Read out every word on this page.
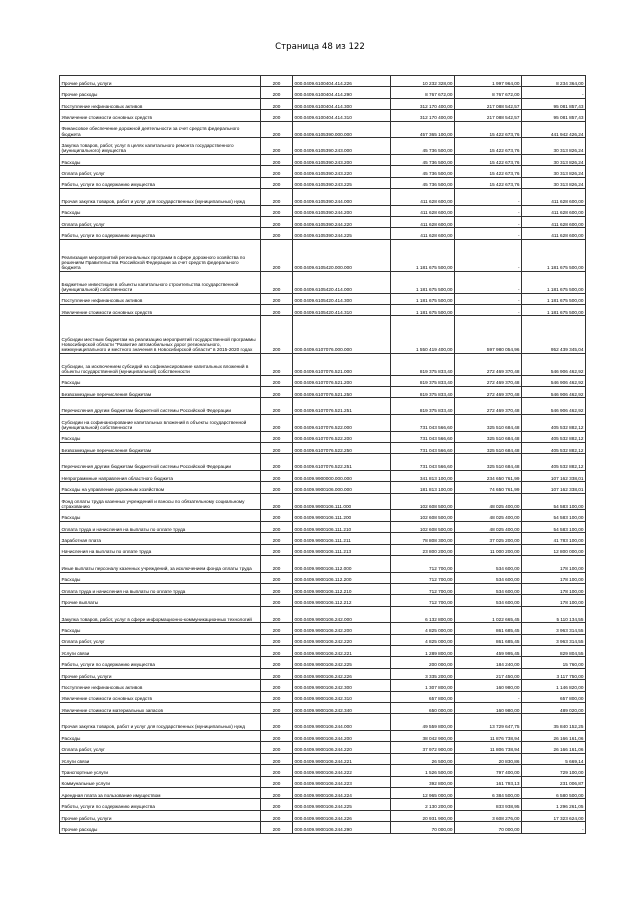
Страница 48 из 122
Прочие работы, услуги	200	000.0409.6100404.414.226	10 232 328,00	1 997 964,00	8 234 364,00
Прочие расходы	200	000.0409.6100404.414.290	8 767 672,00	8 767 672,00	-
Поступление нефинансовых активов	200	000.0409.6100404.414.300	312 170 400,00	217 088 542,57	95 081 857,43
Увеличение стоимости основных средств	200	000.0409.6100404.414.310	312 170 400,00	217 088 542,57	95 081 857,43
Финансовое обеспечение дорожной деятельности за счет средств федерального бюджета	200	000.0409.6105390.000.000	457 365 100,00	15 422 673,76	441 942 426,24
Закупка товаров, работ, услуг в целях капитального ремонта государственного (муниципального) имущества	200	000.0409.6105390.243.000	45 736 500,00	15 422 673,76	30 313 826,24
Расходы	200	000.0409.6105390.243.200	45 736 500,00	15 422 673,76	30 313 826,24
Оплата работ, услуг	200	000.0409.6105390.243.220	45 736 500,00	15 422 673,76	30 313 826,24
Работы, услуги по содержанию имущества	200	000.0409.6105390.243.225	45 736 500,00	15 422 673,76	30 313 826,24
Прочая закупка товаров, работ и услуг для государственных (муниципальных) нужд	200	000.0409.6105390.244.000	411 628 600,00	-	411 628 600,00
Расходы	200	000.0409.6105390.244.200	411 628 600,00	-	411 628 600,00
Оплата работ, услуг	200	000.0409.6105390.244.220	411 628 600,00	-	411 628 600,00
Работы, услуги по содержанию имущества	200	000.0409.6105390.244.225	411 628 600,00	-	411 628 600,00
Реализация мероприятий региональных программ в сфере дорожного хозяйства по решениям Правительства Российской Федерации за счет средств федерального бюджета	200	000.0409.6105420.000.000	1 181 675 500,00	-	1 181 675 500,00
Бюджетные инвестиции в объекты капитального строительства государственной (муниципальной) собственности	200	000.0409.6105420.414.000	1 181 675 500,00	-	1 181 675 500,00
Поступление нефинансовых активов	200	000.0409.6105420.414.300	1 181 675 500,00	-	1 181 675 500,00
Увеличение стоимости основных средств	200	000.0409.6105420.414.310	1 181 675 500,00	-	1 181 675 500,00
Субсидии местным бюджетам на реализацию мероприятий государственной программы Новосибирской области "Развитие автомобильных дорог регионального, межмуниципального и местного значения в Новосибирской области" в 2015-2020 годах	200	000.0409.6107076.000.000	1 550 419 400,00	597 980 054,96	952 439 345,04
Субсидии, за исключением субсидий на софинансирование капитальных вложений в объекты государственной (муниципальной) собственности	200	000.0409.6107076.521.000	819 375 833,40	272 469 370,48	546 906 462,92
Расходы	200	000.0409.6107076.521.200	819 375 833,40	272 469 370,48	546 906 462,92
Безвозмездные перечисления бюджетам	200	000.0409.6107076.521.250	819 375 833,40	272 469 370,48	546 906 462,92
Перечисления другим бюджетам бюджетной системы Российской Федерации	200	000.0409.6107076.521.251	819 375 833,40	272 469 370,48	546 906 462,92
Субсидии на софинансирование капитальных вложений в объекты государственной (муниципальной) собственности	200	000.0409.6107076.522.000	731 043 566,60	325 510 684,48	405 532 882,12
Расходы	200	000.0409.6107076.522.200	731 043 566,60	325 510 684,48	405 532 882,12
Безвозмездные перечисления бюджетам	200	000.0409.6107076.522.250	731 043 566,60	325 510 684,48	405 532 882,12
Перечисления другим бюджетам бюджетной системы Российской Федерации	200	000.0409.6107076.522.251	731 043 566,60	325 510 684,48	405 532 882,12
Непрограммные направления областного бюджета	200	000.0409.9900000.000.000	341 813 100,00	234 650 761,99	107 162 338,01
Расходы на управление дорожным хозяйством	200	000.0409.9900106.000.000	181 813 100,00	74 650 761,99	107 162 338,01
Фонд оплаты труда казенных учреждений и взносы по обязательному социальному страхованию	200	000.0409.9900106.111.000	102 608 500,00	48 025 400,00	54 583 100,00
Расходы	200	000.0409.9900106.111.200	102 608 500,00	48 025 400,00	54 583 100,00
Оплата труда и начисления на выплаты по оплате труда	200	000.0409.9900106.111.210	102 608 500,00	48 025 400,00	54 583 100,00
Заработная плата	200	000.0409.9900106.111.211	78 808 300,00	37 025 200,00	41 783 100,00
Начисления на выплаты по оплате труда	200	000.0409.9900106.111.213	23 800 200,00	11 000 200,00	12 800 000,00
Иные выплаты персоналу казенных учреждений, за исключением фонда оплаты труда	200	000.0409.9900106.112.000	712 700,00	534 600,00	178 100,00
Расходы	200	000.0409.9900106.112.200	712 700,00	534 600,00	178 100,00
Оплата труда и начисления на выплаты по оплате труда	200	000.0409.9900106.112.210	712 700,00	534 600,00	178 100,00
Прочие выплаты	200	000.0409.9900106.112.212	712 700,00	534 600,00	178 100,00
Закупка товаров, работ, услуг в сфере информационно-коммуникационных технологий	200	000.0409.9900106.242.000	6 132 800,00	1 022 665,45	5 110 134,55
Расходы	200	000.0409.9900106.242.200	4 825 000,00	861 685,45	3 963 314,55
Оплата работ, услуг	200	000.0409.9900106.242.220	4 825 000,00	861 685,45	3 963 314,55
Услуги связи	200	000.0409.9900106.242.221	1 289 800,00	459 995,45	829 804,55
Работы, услуги по содержанию имущества	200	000.0409.9900106.242.225	200 000,00	184 240,00	15 760,00
Прочие работы, услуги	200	000.0409.9900106.242.226	3 335 200,00	217 450,00	3 117 750,00
Поступление нефинансовых активов	200	000.0409.9900106.242.300	1 307 800,00	160 980,00	1 146 820,00
Увеличение стоимости основных средств	200	000.0409.9900106.242.310	657 800,00	-	657 800,00
Увеличение стоимости материальных запасов	200	000.0409.9900106.242.340	650 000,00	160 980,00	489 020,00
Прочая закупка товаров, работ и услуг для государственных (муниципальных) нужд	200	000.0409.9900106.244.000	49 559 800,00	13 729 647,75	35 840 152,25
Расходы	200	000.0409.9900106.244.200	38 042 900,00	11 876 738,94	26 166 161,06
Оплата работ, услуг	200	000.0409.9900106.244.220	37 972 900,00	11 806 738,94	26 166 161,06
Услуги связи	200	000.0409.9900106.244.221	26 500,00	20 830,86	5 669,14
Транспортные услуги	200	000.0409.9900106.244.222	1 526 500,00	797 400,00	729 100,00
Коммунальные услуги	200	000.0409.9900106.244.223	392 800,00	161 793,13	231 006,87
Арендная плата за пользование имуществом	200	000.0409.9900106.244.224	12 965 000,00	6 384 500,00	6 580 500,00
Работы, услуги по содержанию имущества	200	000.0409.9900106.244.225	2 130 200,00	833 938,95	1 296 261,05
Прочие работы, услуги	200	000.0409.9900106.244.226	20 931 900,00	3 608 276,00	17 323 624,00
Прочие расходы	200	000.0409.9900106.244.290	70 000,00	70 000,00	-
